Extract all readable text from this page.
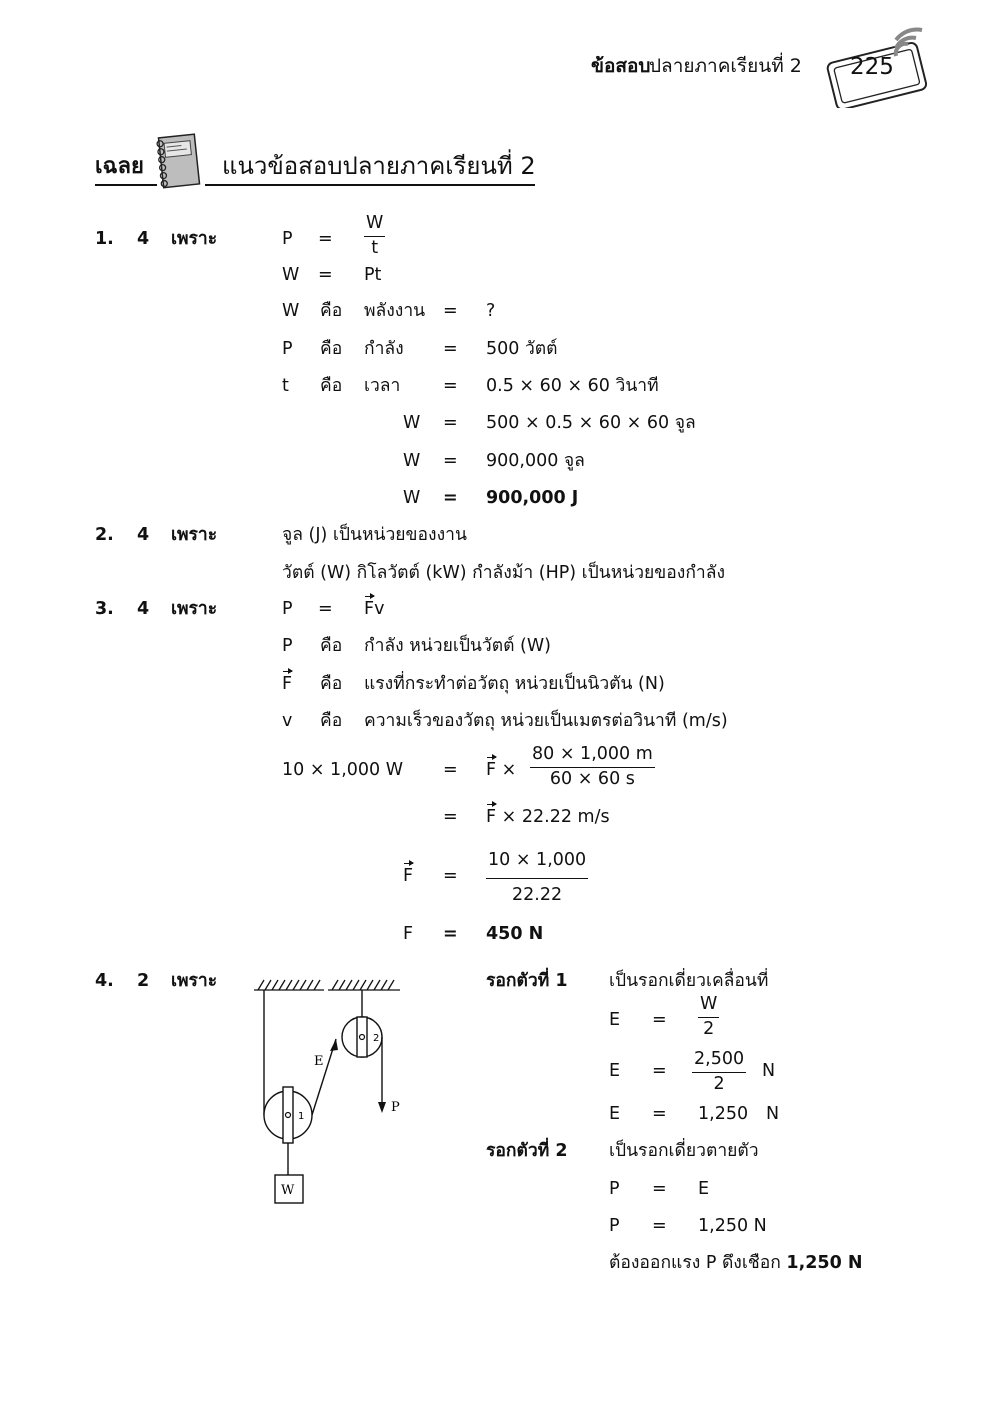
ข้อสอบ
ปลายภาคเรียนที่ 2 225
เฉลย	แนวข้อสอบปลายภาคเรียนที่ 2
1. 4 เพราะ	$P = \frac{W}{t}$
W = Pt
W คือ พลังงาน = ?
P คือ กำลัง = 500 วัตต์
t คือ เวลา = 0.5 × 60 × 60 วินาที
W = 500 × 0.5 × 60 × 60 จูล
W = 900,000 จูล
W = 900,000 J
2. 4 เพราะ	จูล (J) เป็นหน่วยของงาน
วัตต์ (W) กิโลวัตต์ (kW) กำลังม้า (HP) เป็นหน่วยของกำลัง
3. 4 เพราะ	P = Fv
P คือ กำลัง หน่วยเป็นวัตต์ (W)
F คือ แรงที่กระทำต่อวัตถุ หน่วยเป็นนิวตัน (N)
v คือ ความเร็วของวัตถุ หน่วยเป็นเมตรต่อวินาที (m/s)
10 × 1,000 $W = F \times \frac{80 \times 1,000 m}{60 \times 60 s}$
= F × 22.22 m/s
$F = \frac{10 \times 1,000}{22.22}$
F = 450 N
4. 2 เพราะ
E
P
W
1
2
รอกตัวที่ 1 เป็นรอกเดี่ยวเคลื่อนที่
$E = \frac{W}{2}$
$E = \frac{2,500}{2}$ N
E = 1,250 N
รอกตัวที่ 2 เป็นรอกเดี่ยวตายตัว
P = E
P = 1,250 N
ต้องออกแรง P ดึงเชือก 1,250 N
